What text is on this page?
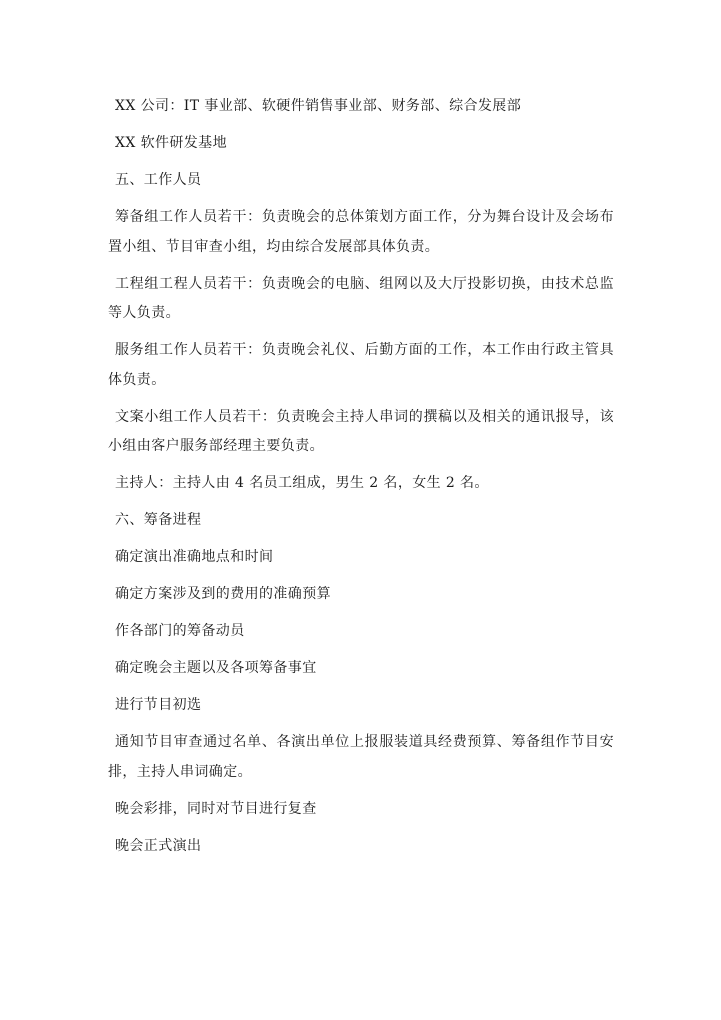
XX 公司：IT 事业部、软硬件销售事业部、财务部、综合发展部

XX 软件研发基地

五、工作人员

筹备组工作人员若干：负责晚会的总体策划方面工作，分为舞台设计及会场布置小组、节目审查小组，均由综合发展部具体负责。

工程组工程人员若干：负责晚会的电脑、组网以及大厅投影切换，由技术总监等人负责。

服务组工作人员若干：负责晚会礼仪、后勤方面的工作，本工作由行政主管具体负责。

文案小组工作人员若干：负责晚会主持人串词的撰稿以及相关的通讯报导，该小组由客户服务部经理主要负责。

主持人：主持人由 4 名员工组成，男生 2 名，女生 2 名。

六、筹备进程

确定演出准确地点和时间

确定方案涉及到的费用的准确预算

作各部门的筹备动员

确定晚会主题以及各项筹备事宜

进行节目初选

通知节目审查通过名单、各演出单位上报服装道具经费预算、筹备组作节目安排，主持人串词确定。

晚会彩排，同时对节目进行复查

晚会正式演出
